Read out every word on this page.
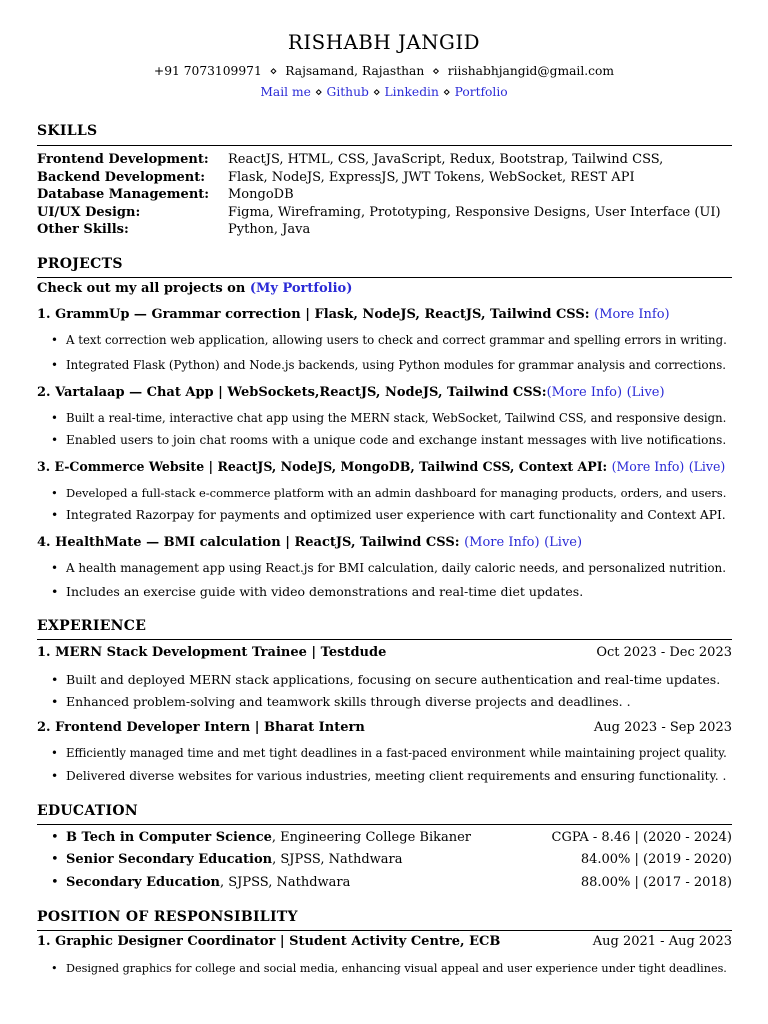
RISHABH JANGID
+91 7073109971 ⋄ Rajsamand, Rajasthan ⋄ riishabhjangid@gmail.com
Mail me ⋄ Github ⋄ Linkedin ⋄ Portfolio
SKILLS
Frontend Development: ReactJS, HTML, CSS, JavaScript, Redux, Bootstrap, Tailwind CSS,
Backend Development: Flask, NodeJS, ExpressJS, JWT Tokens, WebSocket, REST API
Database Management: MongoDB
UI/UX Design:	Figma, Wireframing, Prototyping, Responsive Designs, User Interface (UI)
Other Skills:	Python, Java
PROJECTS
Check out my all projects on (My Portfolio)
1. GrammUp — Grammar correction | Flask, NodeJS, ReactJS, Tailwind CSS: (More Info)
• A text correction web application, allowing users to check and correct grammar and spelling errors in writing.
• Integrated Flask (Python) and Node.js backends, using Python modules for grammar analysis and corrections.
2. Vartalaap — Chat App | WebSockets,ReactJS, NodeJS, Tailwind CSS:(More Info) (Live)
• Built a real-time, interactive chat app using the MERN stack, WebSocket, Tailwind CSS, and responsive design.
• Enabled users to join chat rooms with a unique code and exchange instant messages with live notifications.
3. E-Commerce Website | ReactJS, NodeJS, MongoDB, Tailwind CSS, Context API: (More Info) (Live)
• Developed a full-stack e-commerce platform with an admin dashboard for managing products, orders, and users.
• Integrated Razorpay for payments and optimized user experience with cart functionality and Context API.
4. HealthMate — BMI calculation | ReactJS, Tailwind CSS: (More Info) (Live)
• A health management app using React.js for BMI calculation, daily caloric needs, and personalized nutrition.
• Includes an exercise guide with video demonstrations and real-time diet updates.
EXPERIENCE
1. MERN Stack Development Trainee | Testdude	Oct 2023 - Dec 2023
• Built and deployed MERN stack applications, focusing on secure authentication and real-time updates.
• Enhanced problem-solving and teamwork skills through diverse projects and deadlines. .
2. Frontend Developer Intern | Bharat Intern	Aug 2023 - Sep 2023
• Efficiently managed time and met tight deadlines in a fast-paced environment while maintaining project quality.
• Delivered diverse websites for various industries, meeting client requirements and ensuring functionality. .
EDUCATION
• B Tech in Computer Science, Engineering College Bikaner	CGPA - 8.46 | (2020 - 2024)
• Senior Secondary Education, SJPSS, Nathdwara	84.00% | (2019 - 2020)
• Secondary Education, SJPSS, Nathdwara	88.00% | (2017 - 2018)
POSITION OF RESPONSIBILITY
1. Graphic Designer Coordinator | Student Activity Centre, ECB	Aug 2021 - Aug 2023
• Designed graphics for college and social media, enhancing visual appeal and user experience under tight deadlines.
